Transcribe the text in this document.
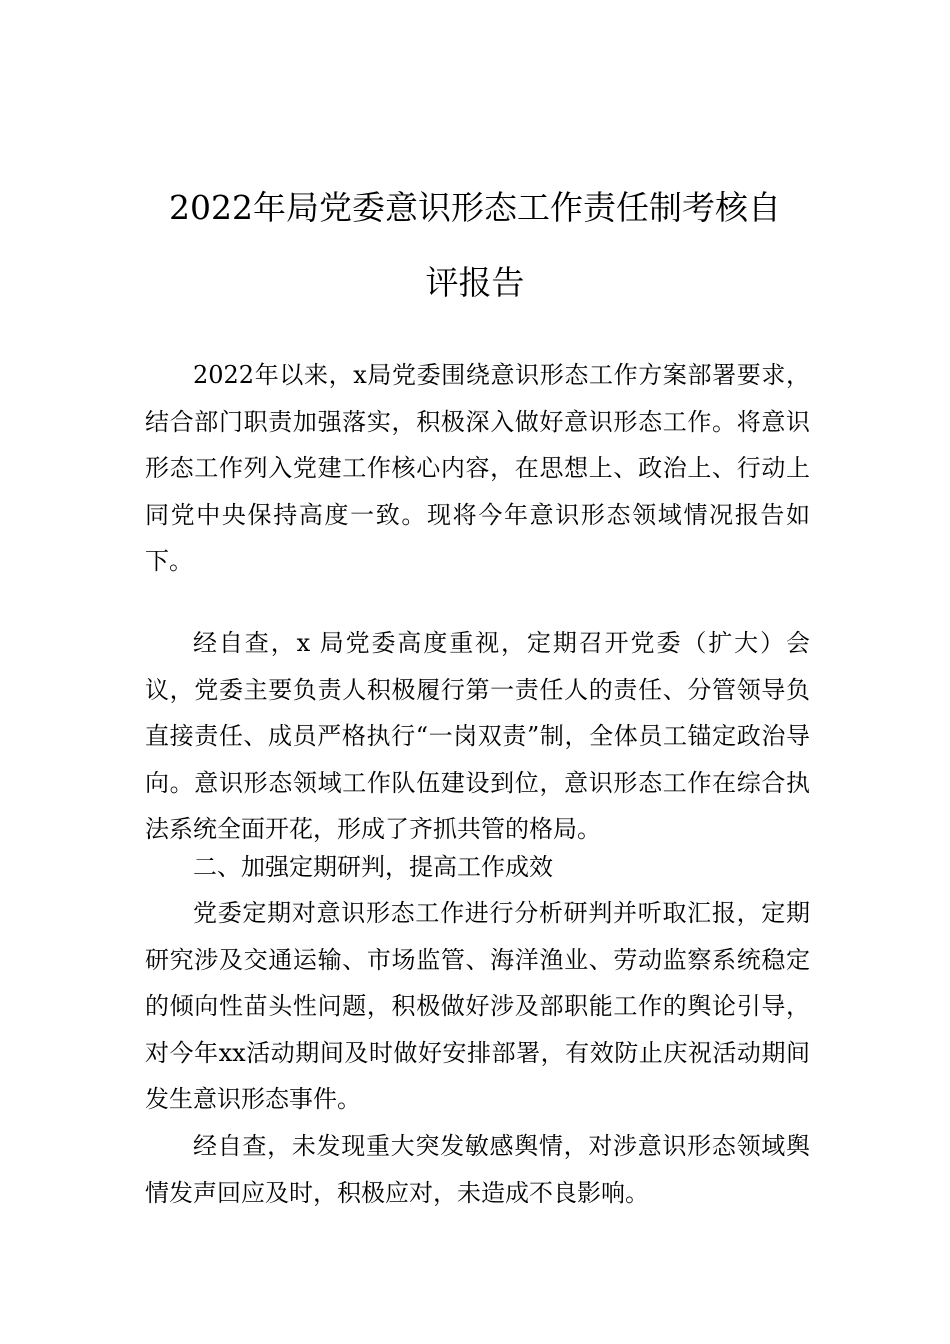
2022年局党委意识形态工作责任制考核自
评报告

2022年以来，x局党委围绕意识形态工作方案部署要求，结合部门职责加强落实，积极深入做好意识形态工作。将意识形态工作列入党建工作核心内容，在思想上、政治上、行动上同党中央保持高度一致。现将今年意识形态领域情况报告如下。

经自查，x 局党委高度重视，定期召开党委（扩大）会议，党委主要负责人积极履行第一责任人的责任、分管领导负直接责任、成员严格执行“一岗双责”制，全体员工锚定政治导向。意识形态领域工作队伍建设到位，意识形态工作在综合执法系统全面开花，形成了齐抓共管的格局。

二、加强定期研判，提高工作成效

党委定期对意识形态工作进行分析研判并听取汇报，定期研究涉及交通运输、市场监管、海洋渔业、劳动监察系统稳定的倾向性苗头性问题，积极做好涉及部职能工作的舆论引导，对今年xx活动期间及时做好安排部署，有效防止庆祝活动期间发生意识形态事件。

经自查，未发现重大突发敏感舆情，对涉意识形态领域舆情发声回应及时，积极应对，未造成不良影响。
